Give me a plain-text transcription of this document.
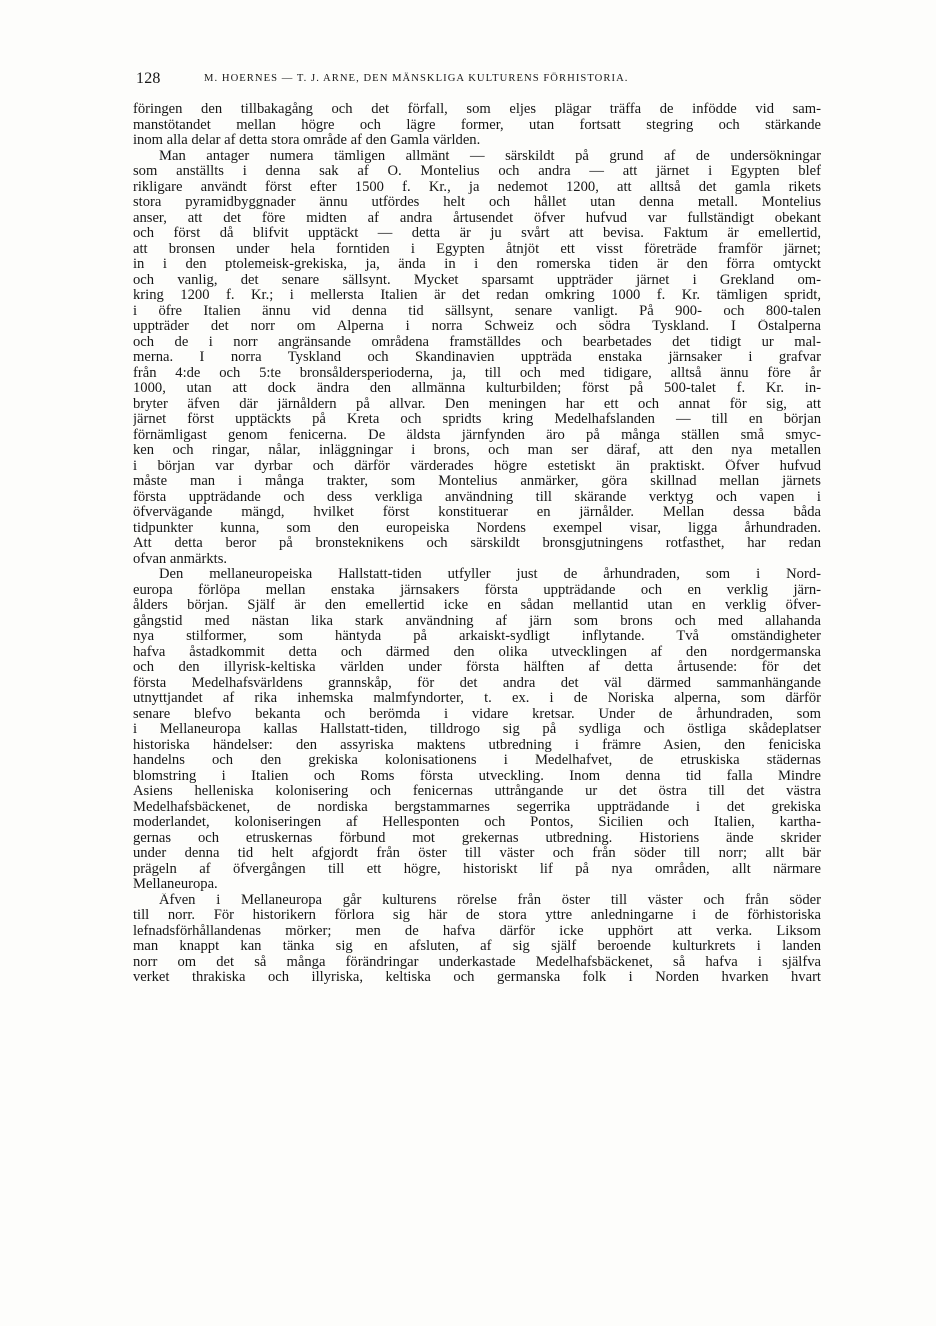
128	M. HOERNES — T. J. ARNE, DEN MÄNSKLIGA KULTURENS FÖRHISTORIA.
föringen den tillbakagång och det förfall, som eljes plägar träffa de infödde vid sam-
manstötandet mellan högre och lägre former, utan fortsatt stegring och stärkande
inom alla delar af detta stora område af den Gamla världen.
Man antager numera tämligen allmänt — särskildt på grund af de undersökningar
som anställts i denna sak af O. Montelius och andra — att järnet i Egypten blef
rikligare användt först efter 1500 f. Kr., ja nedemot 1200, att alltså det gamla rikets
stora pyramidbyggnader ännu utfördes helt och hållet utan denna metall. Montelius
anser, att det före midten af andra årtusendet öfver hufvud var fullständigt obekant
och först då blifvit upptäckt — detta är ju svårt att bevisa. Faktum är emellertid,
att bronsen under hela forntiden i Egypten åtnjöt ett visst företräde framför järnet;
in i den ptolemeisk-grekiska, ja, ända in i den romerska tiden är den förra omtyckt
och vanlig, det senare sällsynt. Mycket sparsamt uppträder järnet i Grekland om-
kring 1200 f. Kr.; i mellersta Italien är det redan omkring 1000 f. Kr. tämligen spridt,
i öfre Italien ännu vid denna tid sällsynt, senare vanligt. På 900- och 800-talen
uppträder det norr om Alperna i norra Schweiz och södra Tyskland. I Östalperna
och de i norr angränsande områdena framställdes och bearbetades det tidigt ur mal-
merna. I norra Tyskland och Skandinavien uppträda enstaka järnsaker i grafvar
från 4:de och 5:te bronsåldersperioderna, ja, till och med tidigare, alltså ännu före år
1000, utan att dock ändra den allmänna kulturbilden; först på 500-talet f. Kr. in-
bryter äfven där järnåldern på allvar. Den meningen har ett och annat för sig, att
järnet först upptäckts på Kreta och spridts kring Medelhafslanden — till en början
förnämligast genom fenicerna. De äldsta järnfynden äro på många ställen små smyc-
ken och ringar, nålar, inläggningar i brons, och man ser däraf, att den nya metallen
i början var dyrbar och därför värderades högre estetiskt än praktiskt. Öfver hufvud
måste man i många trakter, som Montelius anmärker, göra skillnad mellan järnets
första uppträdande och dess verkliga användning till skärande verktyg och vapen i
öfvervägande mängd, hvilket först konstituerar en järnålder. Mellan dessa båda
tidpunkter kunna, som den europeiska Nordens exempel visar, ligga århundraden.
Att detta beror på bronsteknikens och särskildt bronsgjutningens rotfasthet, har redan
ofvan anmärkts.
Den mellaneuropeiska Hallstatt-tiden utfyller just de århundraden, som i Nord-
europa förlöpa mellan enstaka järnsakers första uppträdande och en verklig järn-
ålders början. Själf är den emellertid icke en sådan mellantid utan en verklig öfver-
gångstid med nästan lika stark användning af järn som brons och med allahanda
nya stilformer, som häntyda på arkaiskt-sydligt inflytande. Två omständigheter
hafva åstadkommit detta och därmed den olika utvecklingen af den nordgermanska
och den illyrisk-keltiska världen under första hälften af detta årtusende: för det
första Medelhafsvärldens grannskåp, för det andra det väl därmed sammanhängande
utnyttjandet af rika inhemska malmfyndorter, t. ex. i de Noriska alperna, som därför
senare blefvo bekanta och berömda i vidare kretsar. Under de århundraden, som
i Mellaneuropa kallas Hallstatt-tiden, tilldrogo sig på sydliga och östliga skådeplatser
historiska händelser: den assyriska maktens utbredning i främre Asien, den feniciska
handelns och den grekiska kolonisationens i Medelhafvet, de etruskiska städernas
blomstring i Italien och Roms första utveckling. Inom denna tid falla Mindre
Asiens helleniska kolonisering och fenicernas uttrångande ur det östra till det västra
Medelhafsbäckenet, de nordiska bergstammarnes segerrika uppträdande i det grekiska
moderlandet, koloniseringen af Hellesponten och Pontos, Sicilien och Italien, kartha-
gernas och etruskernas förbund mot grekernas utbredning. Historiens ände skrider
under denna tid helt afgjordt från öster till väster och från söder till norr; allt bär
prägeln af öfvergången till ett högre, historiskt lif på nya områden, allt närmare
Mellaneuropa.
Äfven i Mellaneuropa går kulturens rörelse från öster till väster och från söder
till norr. För historikern förlora sig här de stora yttre anledningarne i de förhistoriska
lefnadsförhållandenas mörker; men de hafva därför icke upphört att verka. Liksom
man knappt kan tänka sig en afsluten, af sig själf beroende kulturkrets i landen
norr om det så många förändringar underkastade Medelhafsbäckenet, så hafva i själfva
verket thrakiska och illyriska, keltiska och germanska folk i Norden hvarken hvart
